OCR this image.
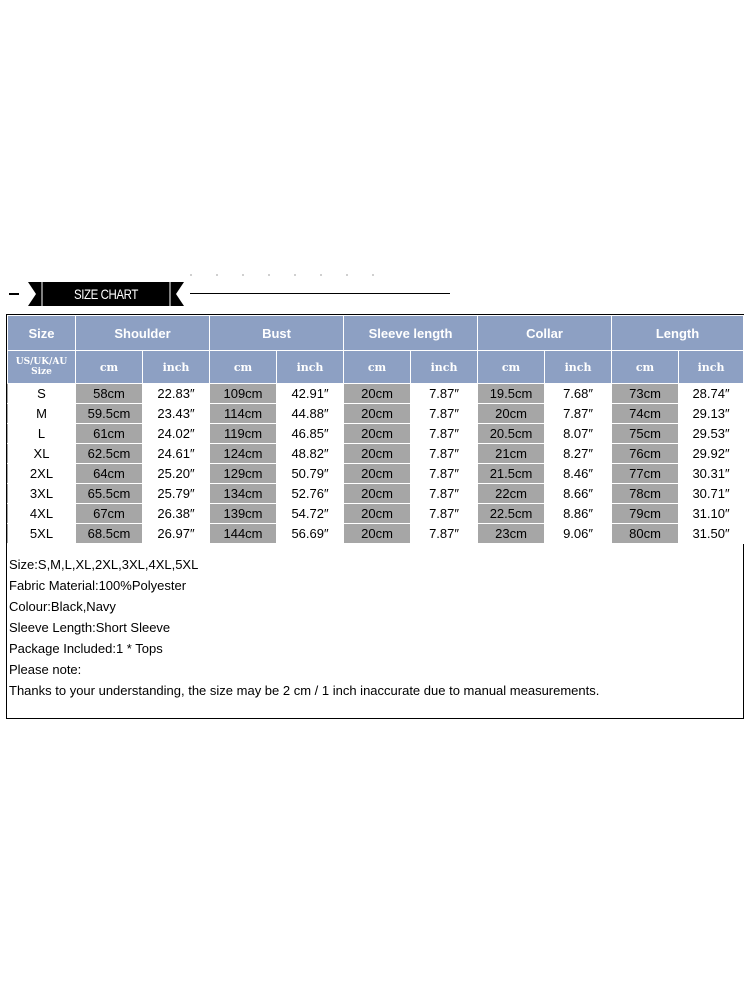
SIZE CHART
Size	Shoulder		Bust		Sleeve length		Collar		Length	
US/UK/AU Size	cm	inch	cm	inch	cm	inch	cm	inch	cm	inch
S	58cm	22.83″	109cm	42.91″	20cm	7.87″	19.5cm	7.68″	73cm	28.74″
M	59.5cm	23.43″	114cm	44.88″	20cm	7.87″	20cm	7.87″	74cm	29.13″
L	61cm	24.02″	119cm	46.85″	20cm	7.87″	20.5cm	8.07″	75cm	29.53″
XL	62.5cm	24.61″	124cm	48.82″	20cm	7.87″	21cm	8.27″	76cm	29.92″
2XL	64cm	25.20″	129cm	50.79″	20cm	7.87″	21.5cm	8.46″	77cm	30.31″
3XL	65.5cm	25.79″	134cm	52.76″	20cm	7.87″	22cm	8.66″	78cm	30.71″
4XL	67cm	26.38″	139cm	54.72″	20cm	7.87″	22.5cm	8.86″	79cm	31.10″
5XL	68.5cm	26.97″	144cm	56.69″	20cm	7.87″	23cm	9.06″	80cm	31.50″
Size:S,M,L,XL,2XL,3XL,4XL,5XL
Fabric Material:100%Polyester
Colour:Black,Navy
Sleeve Length:Short Sleeve
Package Included:1 * Tops
Please note:
Thanks to your understanding, the size may be 2 cm / 1 inch inaccurate due to manual measurements.
